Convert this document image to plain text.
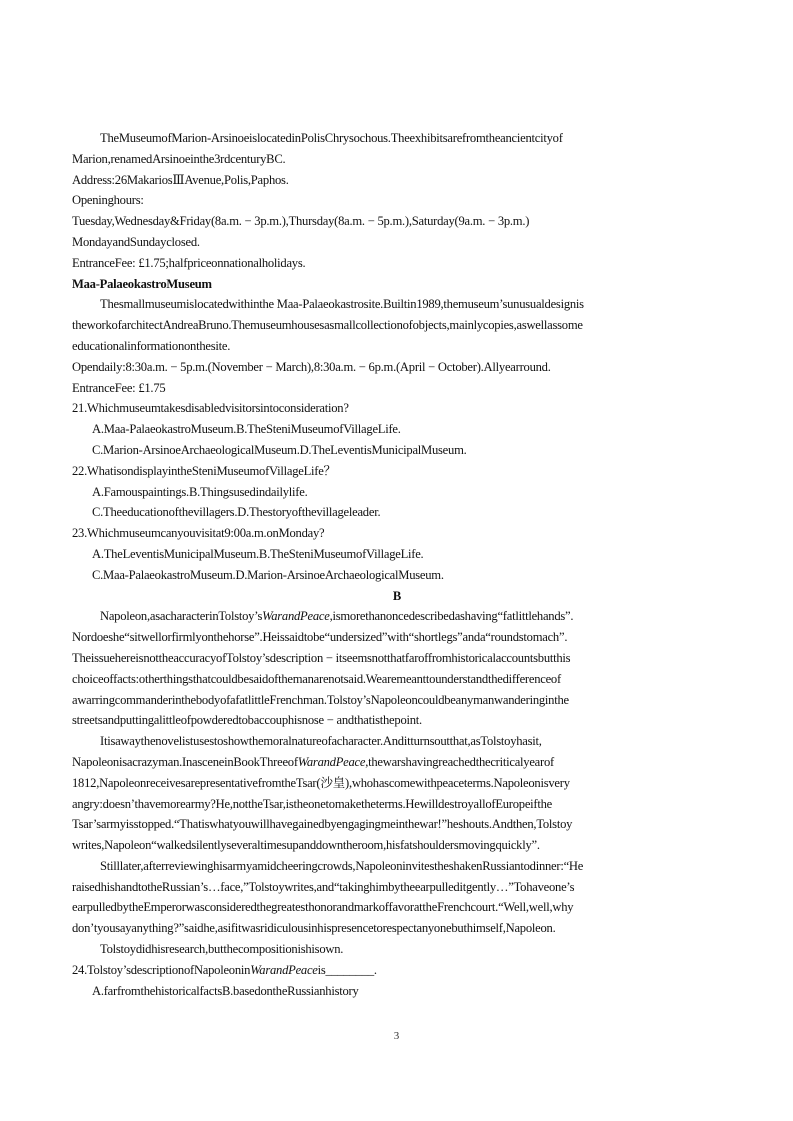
TheMuseumofMarion-ArsinoeislocatedinPolisChrysochous.Theexhibitsarefromtheancientcityof
Marion,renamedArsinoeinthe3rdcenturyBC.
Address:26MakariosⅢAvenue,Polis,Paphos.
Openinghours:
Tuesday,Wednesday&Friday(8a.m. − 3p.m.),Thursday(8a.m. − 5p.m.),Saturday(9a.m. − 3p.m.)
MondayandSundayclosed.
EntranceFee: £1.75;halfpriceonnationalholidays.
Maa-PalaeokastroMuseum
Thesmallmuseumislocatedwithinthe Maa-Palaeokastrosite.Builtin1989,themuseum’sunusualdesignis
theworkofarchitectAndreaBruno.Themuseumhousesasmallcollectionofobjects,mainlycopies,aswellassome
educationalinformationonthesite.
Opendaily:8:30a.m. − 5p.m.(November − March),8:30a.m. − 6p.m.(April − October).Allyearround.
EntranceFee: £1.75
21.Whichmuseumtakesdisabledvisitorsintoconsideration?
A.Maa-PalaeokastroMuseum.B.TheSteniMuseumofVillageLife.
C.Marion-ArsinoeArchaeologicalMuseum.D.TheLeventisMunicipalMuseum.
22.WhatisondisplayintheSteniMuseumofVillageLife？
A.Famouspaintings.B.Thingsusedindailylife.
C.Theeducationofthevillagers.D.Thestoryofthevillageleader.
23.Whichmuseumcanyouvisitat9:00a.m.onMonday?
A.TheLeventisMunicipalMuseum.B.TheSteniMuseumofVillageLife.
C.Maa-PalaeokastroMuseum.D.Marion-ArsinoeArchaeologicalMuseum.
B
Napoleon,asacharacterinTolstoy’sWarandPeace,ismorethanoncedescribedashaving“fatlittlehands”.
Nordoeshe“sitwellorfirmlyonthehorse”.Heissaidtobe“undersized”with“shortlegs”anda“roundstomach”.
TheissuehereisnottheaccuracyofTolstoy’sdescription − itseemsnotthatfaroffromhistoricalaccountsbutthis
choiceoffacts:otherthingsthatcouldbesaidofthemanarenotsaid.Wearemeanttounderstandthedifferenceof
awarringcommanderinthebodyofafatlittleFrenchman.Tolstoy’sNapoleoncouldbeanymanwanderinginthe
streetsandputtingalittleofpowderedtobaccouphisnose − andthatisthepoint.
Itisawaythenovelistusestoshowthemoralnatureofacharacter.Anditturnsoutthat,asTolstoyhasit,
Napoleonisacrazyman.InasceneinBookThreeofWarandPeace,thewarshavingreachedthecriticalyearof
1812,NapoleonreceivesarepresentativefromtheTsar(沙皇),whohascomewithpeaceterms.Napoleonisvery
angry:doesn’thavemorearmy?He,nottheTsar,istheonetomaketheterms.HewilldestroyallofEuropeifthe
Tsar’sarmyisstopped.“Thatiswhatyouwillhavegainedbyengagingmeinthewar!”heshouts.Andthen,Tolstoy
writes,Napoleon“walkedsilentlyseveraltimesupanddowntheroom,hisfatshouldersmovingquickly”.
Stilllater,afterreviewinghisarmyamidcheeringcrowds,NapoleoninvitestheshakenRussiantodinner:“He
raisedhishandtotheRussian’s…face,”Tolstoywrites,and“takinghimbytheearpulleditgently…”Tohaveone’s
earpulledbytheEmperorwasconsideredthegreatesthonorandmarkoffavorattheFrenchcourt.“Well,well,why
don’tyousayanything?”saidhe,asifitwasridiculousinhispresencetorespectanyonebuthimself,Napoleon.
Tolstoydidhisresearch,butthecompositionishisown.
24.Tolstoy’sdescriptionofNapoleoninWarandPeaceis________.
A.farfromthehistoricalfactsB.basedontheRussianhistory
3
